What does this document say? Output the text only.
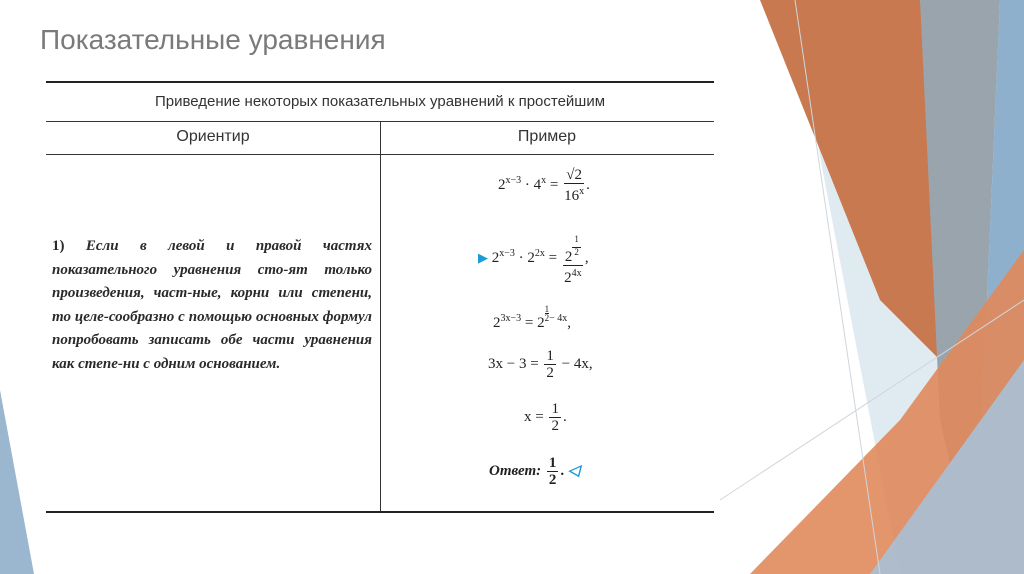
Показательные уравнения
Приведение некоторых показательных уравнений к простейшим
Ориентир	Пример
1) Если в левой и правой частях показательного уравнения сто-ят только произведения, част-ные, корни или степени, то целе-сообразно с помощью основных формул попробовать записать обе части уравнения как степе-ни с одним основанием.
$2^{x-3} \cdot 4^x = \frac{√2}{16^x}$ .
▶ $2^{x-3} \cdot 2^{2x} = 2$
$\frac{1}{2}$
$2^{4x}$ ,
$2^{3x-3} = 2$
$\frac{1}{2}^{- 4x}$,
$3x - 3 = \frac{1}{2} - 4x$,
$x = \frac{1}{2}$ .
Ответ: $\frac{1}{2}$ . ◁
